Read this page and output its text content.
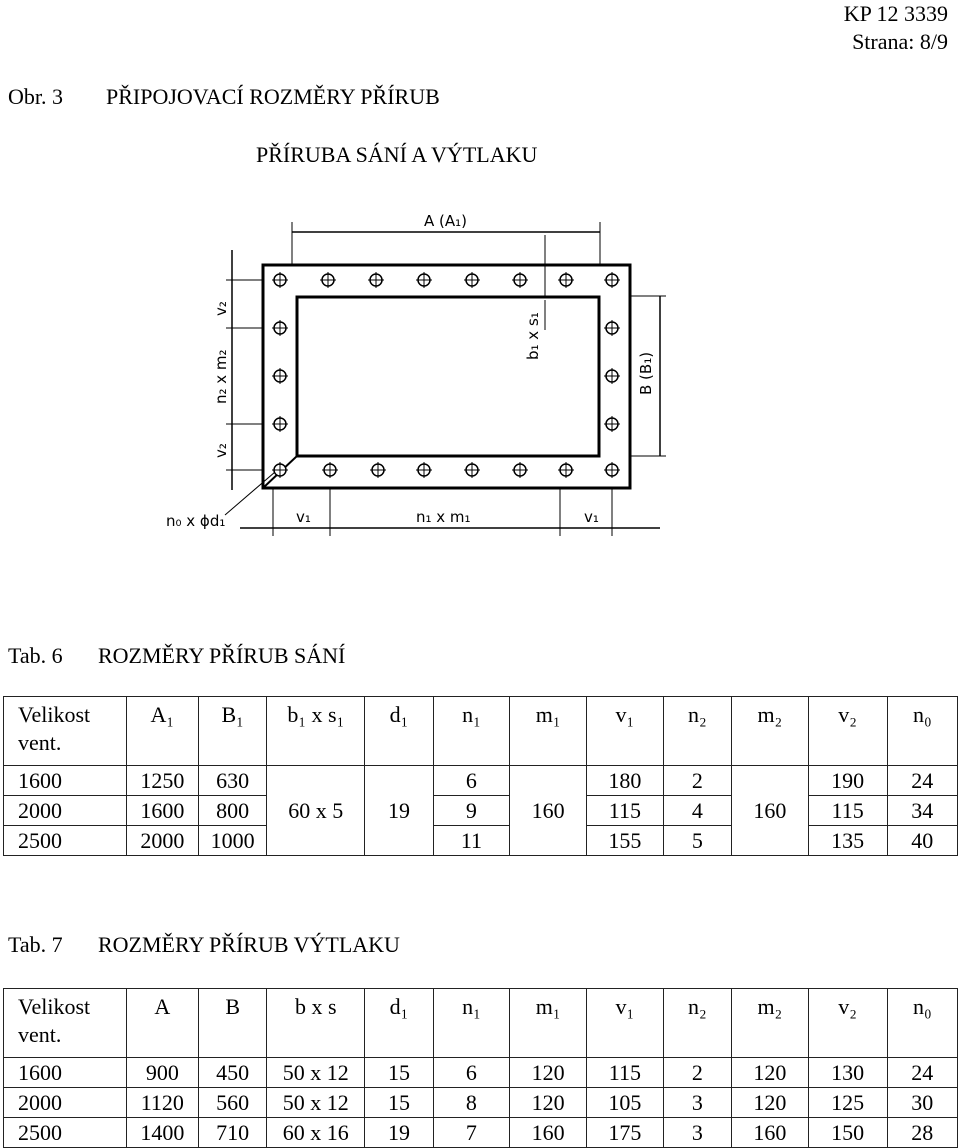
KP 12 3339
Strana: 8/9
Obr. 3 PŘIPOJOVACÍ ROZMĚRY PŘÍRUB
PŘÍRUBA SÁNÍ A VÝTLAKU
A (A₁)
B (B₁)
b₁ x s₁
n₂ x m₂
v₂
v₂
v₁	n₁ x m₁	v₁
n₀ x ϕd₁
Tab. 6 ROZMĚRY PŘÍRUB SÁNÍ
Velikost vent.	A₁	B₁	b₁ x s₁	d₁	n₁	m₁	v₁	n₂	m₂	v₂	n₀
1600	1250	630	60 x 5	19	6	160	180	2	160	190	24
2000	1600	800			9		115	4		115	34
2500	2000	1000			11		155	5		135	40
Tab. 7 ROZMĚRY PŘÍRUB VÝTLAKU
Velikost vent.	A	B	b x s	d₁	n₁	m₁	v₁	n₂	m₂	v₂	n₀
1600	900	450	50 x 12	15	6	120	115	2	120	130	24
2000	1120	560	50 x 12	15	8	120	105	3	120	125	30
2500	1400	710	60 x 16	19	7	160	175	3	160	150	28
